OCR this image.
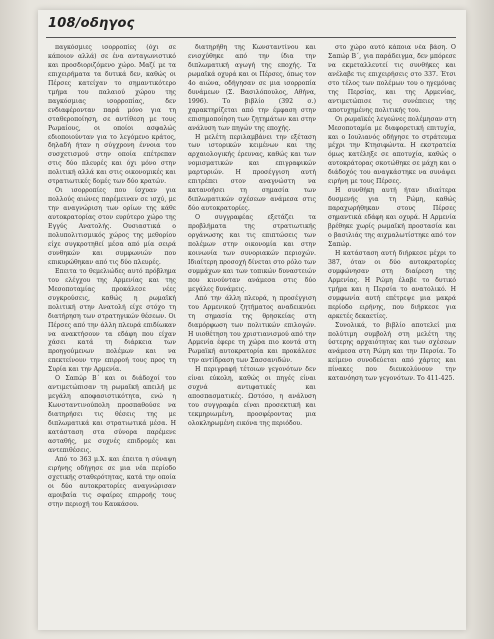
108/οδηγος

παγκόσμιες ισορροπίες (όχι σε κάποιον αλλά) σε ένα ανταγωνιστικό και προσδιοριζόμενο χώρο. Μαζί με τα επιχειρήματα τα δυτικά δεν, καθώς οι Πέρσες κατείχαν το σημαντικότερο τμήμα του παλαιού χώρου της παγκόσμιας ισορροπίας, δεν ενδιαφέρονταν παρά μόνο για τη σταθεροποίηση, σε αντίθεση με τους Ρωμαίους, οι οποίοι ασφαλώς εδιοποιούνταν για το λεγόμενο κράτος, δηλαδή ήταν η σύγχρονη έννοια του συσχετισμού στην οποία επέτρεπαν στις δύο πλευρές και όχι μόνο στην πολιτική αλλά και στις οικονομικές και στρατιωτικές δομές των δύο κρατών.

Οι ισορροπίες που ίσχυαν για πολλούς αιώνες παρέμειναν σε ισχύ, με την αναγνώριση των ορίων της κάθε αυτοκρατορίας στον ευρύτερο χώρο της Εγγύς Ανατολής. Ουσιαστικά ο πολυπολιτισμικός χώρος της μεθορίου είχε συγκροτηθεί μέσα από μία σειρά συνθηκών και συμφωνιών που επικυρώθηκαν από τις δύο πλευρές.

Επειτα το θεμελιώδες αυτό πρόβλημα του ελέγχου της Αρμενίας και της Μεσοποταμίας προκάλεσε νέες συγκρούσεις, καθώς η ρωμαϊκή πολιτική στην Ανατολή είχε στόχο τη διατήρηση των στρατηγικών θέσεων. Οι Πέρσες από την άλλη πλευρά επιδίωκαν να ανακτήσουν τα εδάφη που είχαν χάσει κατά τη διάρκεια των προηγούμενων πολέμων και να επεκτείνουν την επιρροή τους προς τη Συρία και την Αρμενία.

Ο Σαπώρ Β΄ και οι διάδοχοί του αντιμετώπισαν τη ρωμαϊκή απειλή με μεγάλη αποφασιστικότητα, ενώ η Κωνσταντινούπολη προσπαθούσε να διατηρήσει τις θέσεις της με διπλωματικά και στρατιωτικά μέσα. Η κατάσταση στα σύνορα παρέμενε ασταθής, με συχνές επιδρομές και αντεπιθέσεις.

Από το 363 μ.Χ. και έπειτα η σύναψη ειρήνης οδήγησε σε μια νέα περίοδο σχετικής σταθερότητας, κατά την οποία οι δύο αυτοκρατορίες αναγνώρισαν αμοιβαία τις σφαίρες επιρροής τους στην περιοχή του Καυκάσου.

διατηρήθη της Κωνσταντίνου και ενισχύθηκε από την ίδια την διπλωματική αγωγή της εποχής. Τα ρωμαϊκά οχυρά και οι Πέρσες, όπως τον 4ο αιώνα, οδήγησαν σε μια ισορροπία δυνάμεων (Σ. Βασιλόπουλος, Αθήνα, 1996). Το βιβλίο (392 σ.) χαρακτηρίζεται από την έμφαση στην επισημοποίηση των ζητημάτων και στην ανάλυση των πηγών της εποχής.

Η μελέτη περιλαμβάνει την εξέταση των ιστορικών κειμένων και της αρχαιολογικής έρευνας, καθώς και των νομισματικών και επιγραφικών μαρτυριών. Η προσέγγιση αυτή επιτρέπει στον αναγνώστη να κατανοήσει τη σημασία των διπλωματικών σχέσεων ανάμεσα στις δύο αυτοκρατορίες.

Ο συγγραφέας εξετάζει τα προβλήματα της στρατιωτικής οργάνωσης και τις επιπτώσεις των πολέμων στην οικονομία και στην κοινωνία των συνοριακών περιοχών. Ιδιαίτερη προσοχή δίνεται στο ρόλο των συμμάχων και των τοπικών δυναστειών που κινούνταν ανάμεσα στις δύο μεγάλες δυνάμεις.

Από την άλλη πλευρά, η προσέγγιση του Αρμενικού ζητήματος αναδεικνύει τη σημασία της θρησκείας στη διαμόρφωση των πολιτικών επιλογών. Η υιοθέτηση του χριστιανισμού από την Αρμενία έφερε τη χώρα πιο κοντά στη Ρωμαϊκή αυτοκρατορία και προκάλεσε την αντίδραση των Σασσανιδών.

Η περιγραφή τέτοιων γεγονότων δεν είναι εύκολη, καθώς οι πηγές είναι συχνά αντιφατικές και αποσπασματικές. Ωστόσο, η ανάλυση του συγγραφέα είναι προσεκτική και τεκμηριωμένη, προσφέροντας μια ολοκληρωμένη εικόνα της περιόδου.

στο χώρο αυτό κάποια νέα βάση. Ο Σαπώρ Β΄, για παράδειγμα, δεν μπόρεσε να εκμεταλλευτεί τις συνθήκες και ανέλαβε τις επιχειρήσεις στο 337. Έτσι στο τέλος των πολέμων του ο ηγεμόνας της Περσίας, και της Αρμενίας, αντιμετώπισε τις συνέπειες της αποτυχημένης πολιτικής του.

Οι ρωμαϊκές λεγεώνες πολέμησαν στη Μεσοποταμία με διαφορετική επιτυχία, και ο Ιουλιανός οδήγησε το στράτευμα μέχρι την Κτησιφώντα. Η εκστρατεία όμως κατέληξε σε αποτυχία, καθώς ο αυτοκράτορας σκοτώθηκε σε μάχη και ο διάδοχός του αναγκάστηκε να συνάψει ειρήνη με τους Πέρσες.

Η συνθήκη αυτή ήταν ιδιαίτερα δυσμενής για τη Ρώμη, καθώς παραχωρήθηκαν στους Πέρσες σημαντικά εδάφη και οχυρά. Η Αρμενία βρέθηκε χωρίς ρωμαϊκή προστασία και ο βασιλιάς της αιχμαλωτίστηκε από τον Σαπώρ.

Η κατάσταση αυτή διήρκεσε μέχρι το 387, όταν οι δύο αυτοκρατορίες συμφώνησαν στη διαίρεση της Αρμενίας. Η Ρώμη έλαβε το δυτικό τμήμα και η Περσία το ανατολικό. Η συμφωνία αυτή επέτρεψε μια μακρά περίοδο ειρήνης, που διήρκεσε για αρκετές δεκαετίες.

Συνολικά, το βιβλίο αποτελεί μια πολύτιμη συμβολή στη μελέτη της ύστερης αρχαιότητας και των σχέσεων ανάμεσα στη Ρώμη και την Περσία. Το κείμενο συνοδεύεται από χάρτες και πίνακες που διευκολύνουν την κατανόηση των γεγονότων. Το 411-425.
